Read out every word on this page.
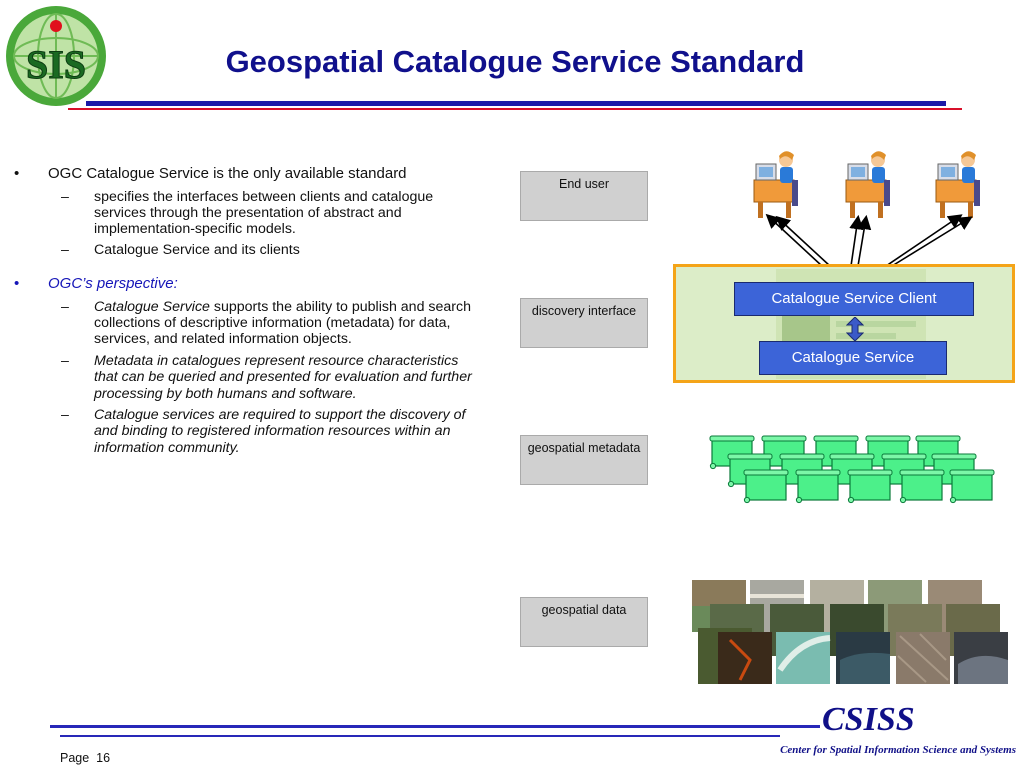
SIS	Geospatial Catalogue Service Standard

• OGC Catalogue Service is the only available standard

– specifies the interfaces between clients and catalogue services through the presentation of abstract and implementation-specific models.

– Catalogue Service and its clients

• OGC’s perspective:

– Catalogue Service supports the ability to publish and search collections of descriptive information (metadata) for data, services, and related information objects.

– Metadata in catalogues represent resource characteristics that can be queried and presented for evaluation and further processing by both humans and software.

– Catalogue services are required to support the discovery of and binding to registered information resources within an information community.

End user
discovery interface
geospatial metadata
geospatial data
Catalogue Service Client
Catalogue Service
CSISS
Center for Spatial Information Science and Systems
Page 16
